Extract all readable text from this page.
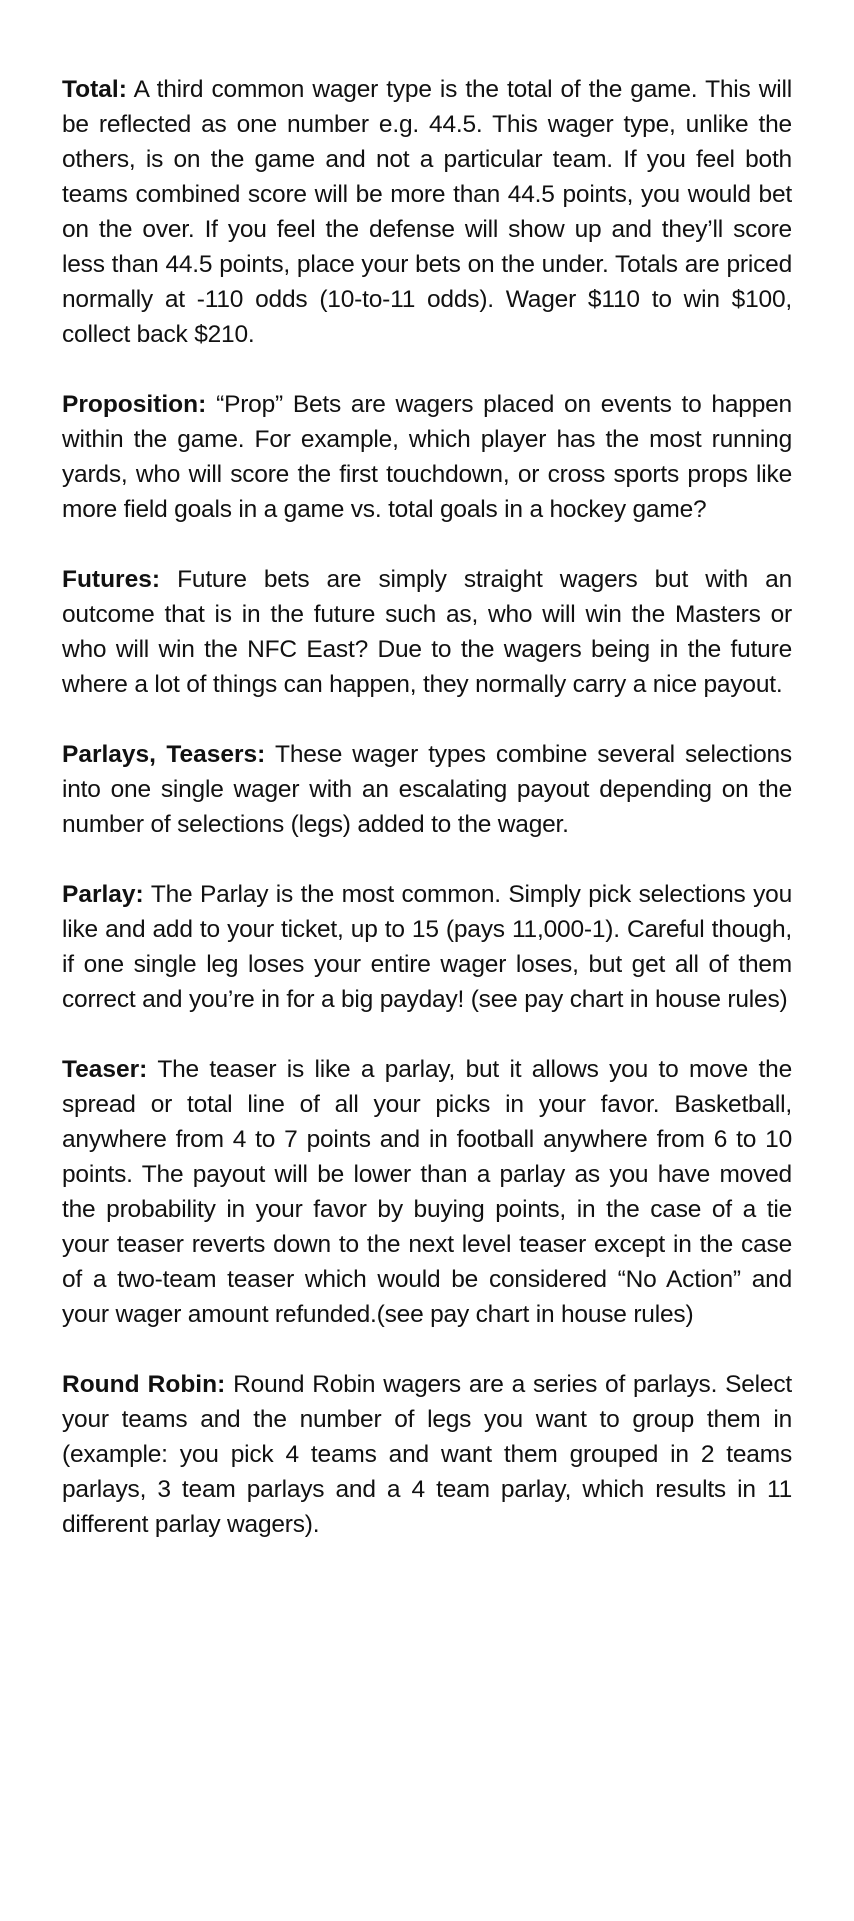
Total: A third common wager type is the total of the game. This will be reflected as one number e.g. 44.5. This wager type, unlike the others, is on the game and not a particular team. If you feel both teams combined score will be more than 44.5 points, you would bet on the over. If you feel the defense will show up and they’ll score less than 44.5 points, place your bets on the under. Totals are priced normally at -110 odds (10-to-11 odds). Wager $110 to win $100, collect back $210.

Proposition: “Prop” Bets are wagers placed on events to happen within the game. For example, which player has the most running yards, who will score the first touchdown, or cross sports props like more field goals in a game vs. total goals in a hockey game?

Futures: Future bets are simply straight wagers but with an outcome that is in the future such as, who will win the Masters or who will win the NFC East? Due to the wagers being in the future where a lot of things can happen, they normally carry a nice payout.

Parlays, Teasers: These wager types combine several selections into one single wager with an escalating payout depending on the number of selections (legs) added to the wager.

Parlay: The Parlay is the most common. Simply pick selections you like and add to your ticket, up to 15 (pays 11,000-1). Careful though, if one single leg loses your entire wager loses, but get all of them correct and you’re in for a big payday! (see pay chart in house rules)

Teaser: The teaser is like a parlay, but it allows you to move the spread or total line of all your picks in your favor. Basketball, anywhere from 4 to 7 points and in football anywhere from 6 to 10 points. The payout will be lower than a parlay as you have moved the probability in your favor by buying points, in the case of a tie your teaser reverts down to the next level teaser except in the case of a two-team teaser which would be considered “No Action” and your wager amount refunded.(see pay chart in house rules)

Round Robin: Round Robin wagers are a series of parlays. Select your teams and the number of legs you want to group them in (example: you pick 4 teams and want them grouped in 2 teams parlays, 3 team parlays and a 4 team parlay, which results in 11 different parlay wagers).
